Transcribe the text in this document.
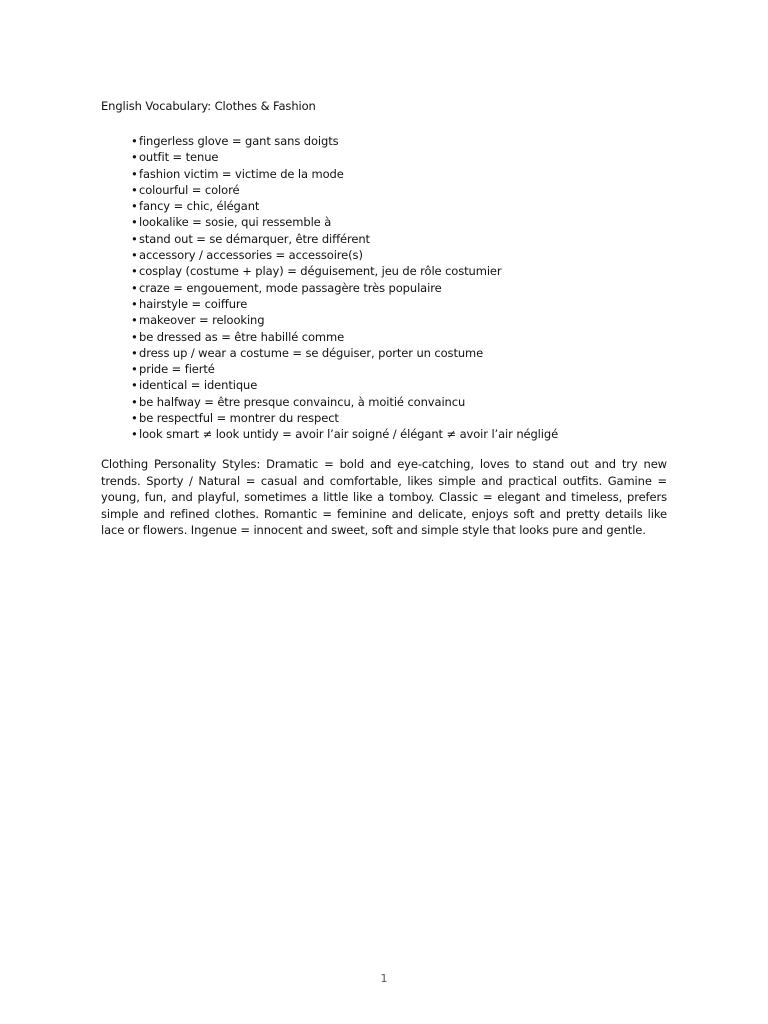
English Vocabulary: Clothes & Fashion
•fingerless glove = gant sans doigts
•outfit = tenue
•fashion victim = victime de la mode
•colourful = coloré
•fancy = chic, élégant
•lookalike = sosie, qui ressemble à
•stand out = se démarquer, être différent
•accessory / accessories = accessoire(s)
•cosplay (costume + play) = déguisement, jeu de rôle costumier
•craze = engouement, mode passagère très populaire
•hairstyle = coiffure
•makeover = relooking
•be dressed as = être habillé comme
•dress up / wear a costume = se déguiser, porter un costume
•pride = fierté
•identical = identique
•be halfway = être presque convaincu, à moitié convaincu
•be respectful = montrer du respect
•look smart ≠ look untidy = avoir l’air soigné / élégant ≠ avoir l’air négligé

Clothing Personality Styles: Dramatic = bold and eye-catching, loves to stand out and try new trends. Sporty / Natural = casual and comfortable, likes simple and practical outfits. Gamine = young, fun, and playful, sometimes a little like a tomboy. Classic = elegant and timeless, prefers simple and refined clothes. Romantic = feminine and delicate, enjoys soft and pretty details like lace or flowers. Ingenue = innocent and sweet, soft and simple style that looks pure and gentle.

1
